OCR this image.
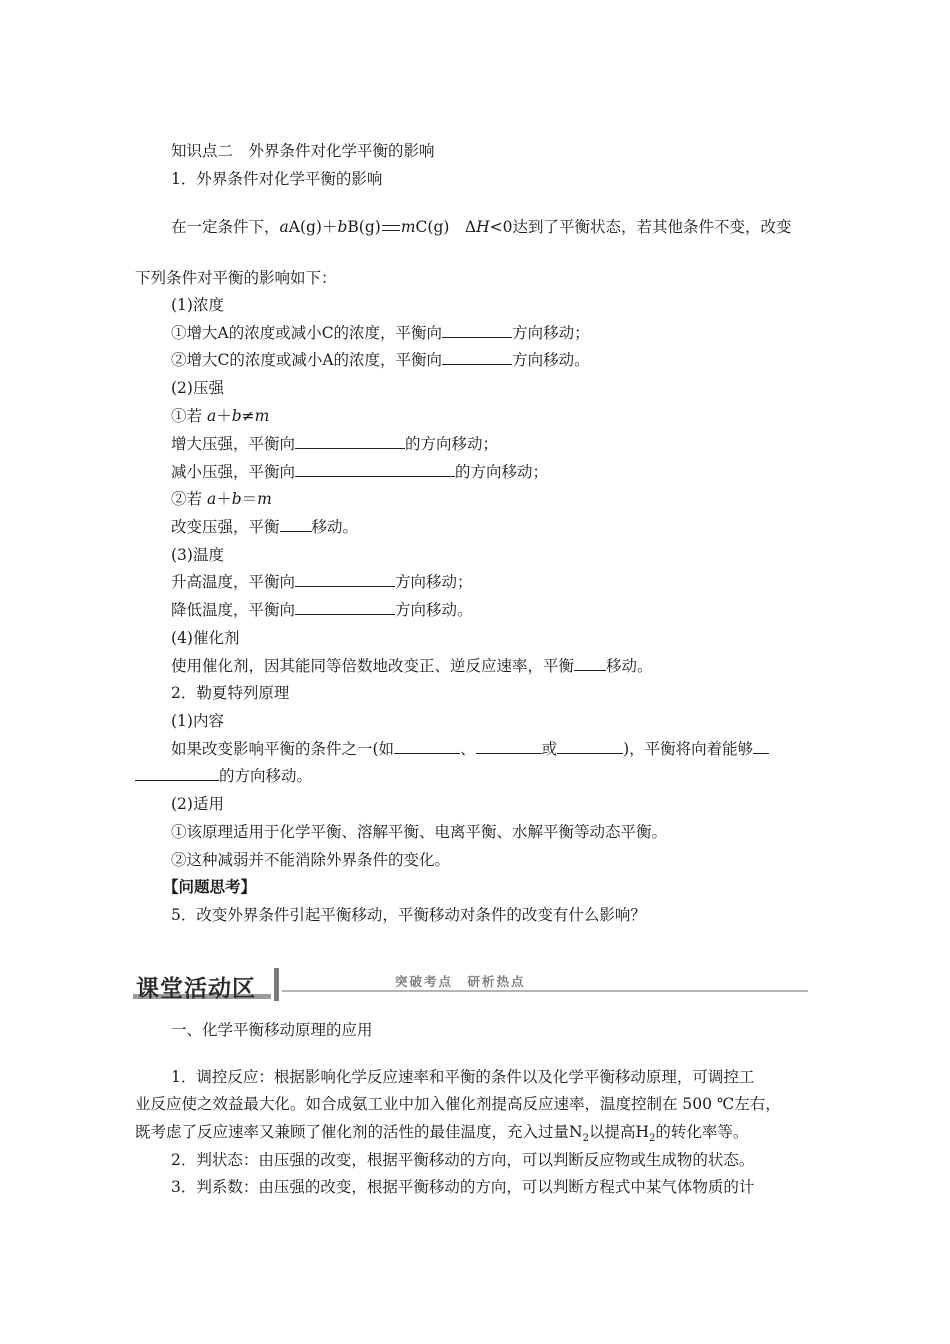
知识点二　外界条件对化学平衡的影响
1．外界条件对化学平衡的影响
在一定条件下，aA(g)＋bB(g) mC(g)　ΔH<0达到了平衡状态，若其他条件不变，改变
下列条件对平衡的影响如下：
(1)浓度
①增大A的浓度或减小C的浓度，平衡向	方向移动；
②增大C的浓度或减小A的浓度，平衡向	方向移动。
(2)压强
①若 a＋b≠m
增大压强，平衡向	的方向移动；
减小压强，平衡向	的方向移动；
②若 a＋b＝m
改变压强，平衡 移动。
(3)温度
升高温度，平衡向	方向移动；
降低温度，平衡向	方向移动。
(4)催化剂
使用催化剂，因其能同等倍数地改变正、逆反应速率，平衡 移动。
2．勒夏特列原理
(1)内容
如果改变影响平衡的条件之一(如	、	或	)，平衡将向着能够
的方向移动。
(2)适用
①该原理适用于化学平衡、溶解平衡、电离平衡、水解平衡等动态平衡。
②这种减弱并不能消除外界条件的变化。
【问题思考】
5．改变外界条件引起平衡移动，平衡移动对条件的改变有什么影响？
课堂活动区	突破考点　研析热点
一、化学平衡移动原理的应用
1．调控反应：根据影响化学反应速率和平衡的条件以及化学平衡移动原理，可调控工
业反应使之效益最大化。如合成氨工业中加入催化剂提高反应速率，温度控制在 500 ℃左右，
既考虑了反应速率又兼顾了催化剂的活性的最佳温度，充入过量$N_2$以提高$H_2$的转化率等。
2．判状态：由压强的改变，根据平衡移动的方向，可以判断反应物或生成物的状态。
3．判系数：由压强的改变，根据平衡移动的方向，可以判断方程式中某气体物质的计
